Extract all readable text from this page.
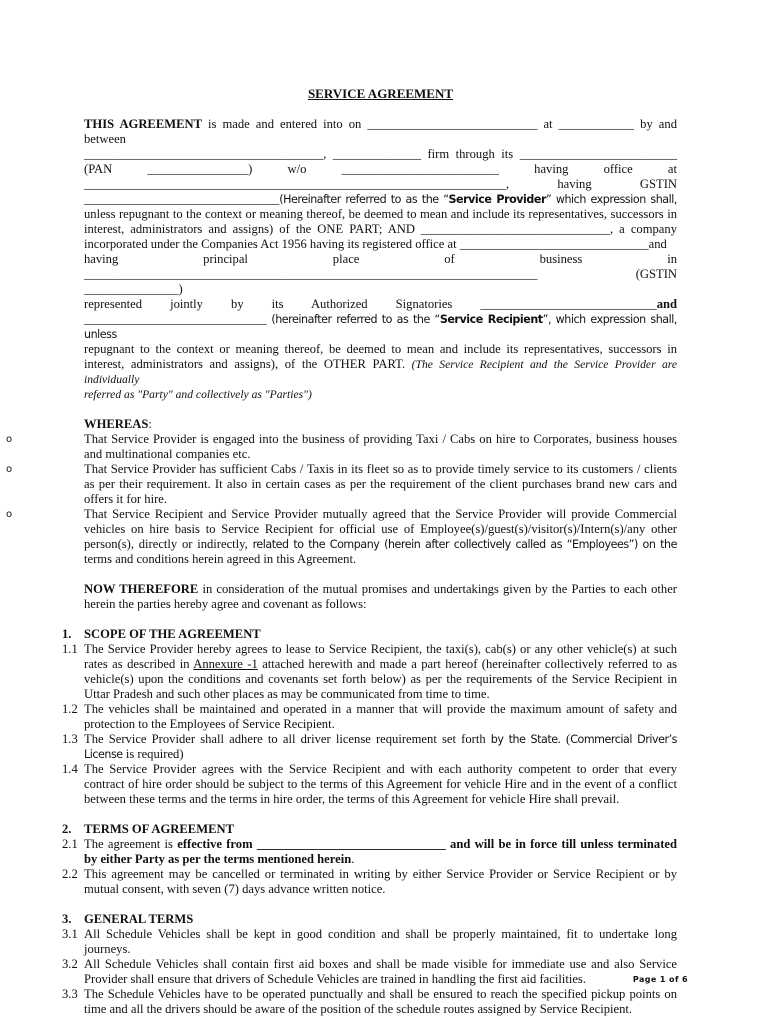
SERVICE AGREEMENT

THIS AGREEMENT is made and entered into on ___________________________ at ____________ by and between

______________________________________, ______________ firm through its _________________________

(PAN ________________) w/o _________________________ having office at

___________________________________________________________________, having GSTIN

_______________________________(Hereinafter referred to as the “Service Provider” which expression shall,

unless repugnant to the context or meaning thereof, be deemed to mean and include its representatives, successors in interest, administrators and assigns) of the ONE PART; AND ______________________________, a company incorporated under the Companies Act 1956 having its registered office at ______________________________and

having principal place of business in

________________________________________________________________________ (GSTIN _______________)

represented jointly by its Authorized Signatories ____________________________and

_____________________________ (hereinafter referred to as the “Service Recipient”, which expression shall, unless

repugnant to the context or meaning thereof, be deemed to mean and include its representatives, successors in interest, administrators and assigns), of the OTHER PART. (The Service Recipient and the Service Provider are individually

referred as "Party" and collectively as "Parties")

WHEREAS:

o	That Service Provider is engaged into the business of providing Taxi / Cabs on hire to Corporates, business houses and multinational companies etc.
o	That Service Provider has sufficient Cabs / Taxis in its fleet so as to provide timely service to its customers / clients as per their requirement. It also in certain cases as per the requirement of the client purchases brand new cars and offers it for hire.
o	That Service Recipient and Service Provider mutually agreed that the Service Provider will provide Commercial vehicles on hire basis to Service Recipient for official use of Employee(s)/guest(s)/visitor(s)/Intern(s)/any other person(s), directly or indirectly, related to the Company (herein after collectively called as “Employees”) on the terms and conditions herein agreed in this Agreement.

NOW THEREFORE in consideration of the mutual promises and undertakings given by the Parties to each other herein the parties hereby agree and covenant as follows:

1. SCOPE OF THE AGREEMENT
1.1 The Service Provider hereby agrees to lease to Service Recipient, the taxi(s), cab(s) or any other vehicle(s) at such rates as described in Annexure -1 attached herewith and made a part hereof (hereinafter collectively referred to as vehicle(s) upon the conditions and covenants set forth below) as per the requirements of the Service Recipient in Uttar Pradesh and such other places as may be communicated from time to time.
1.2 The vehicles shall be maintained and operated in a manner that will provide the maximum amount of safety and protection to the Employees of Service Recipient.
1.3 The Service Provider shall adhere to all driver license requirement set forth by the State. (Commercial Driver’s License is required)
1.4 The Service Provider agrees with the Service Recipient and with each authority competent to order that every contract of hire order should be subject to the terms of this Agreement for vehicle Hire and in the event of a conflict between these terms and the terms in hire order, the terms of this Agreement for vehicle Hire shall prevail.
2. TERMS OF AGREEMENT
2.1 The agreement is effective from ______________________________ and will be in force till unless terminated by either Party as per the terms mentioned herein.
2.2 This agreement may be cancelled or terminated in writing by either Service Provider or Service Recipient or by mutual consent, with seven (7) days advance written notice.
3. GENERAL TERMS
3.1 All Schedule Vehicles shall be kept in good condition and shall be properly maintained, fit to undertake long journeys.
3.2 All Schedule Vehicles shall contain first aid boxes and shall be made visible for immediate use and also Service Provider shall ensure that drivers of Schedule Vehicles are trained in handling the first aid facilities.
3.3 The Schedule Vehicles have to be operated punctually and shall be ensured to reach the specified pickup points on time and all the drivers should be aware of the position of the schedule routes assigned by Service Recipient.
Page 1 of 6
